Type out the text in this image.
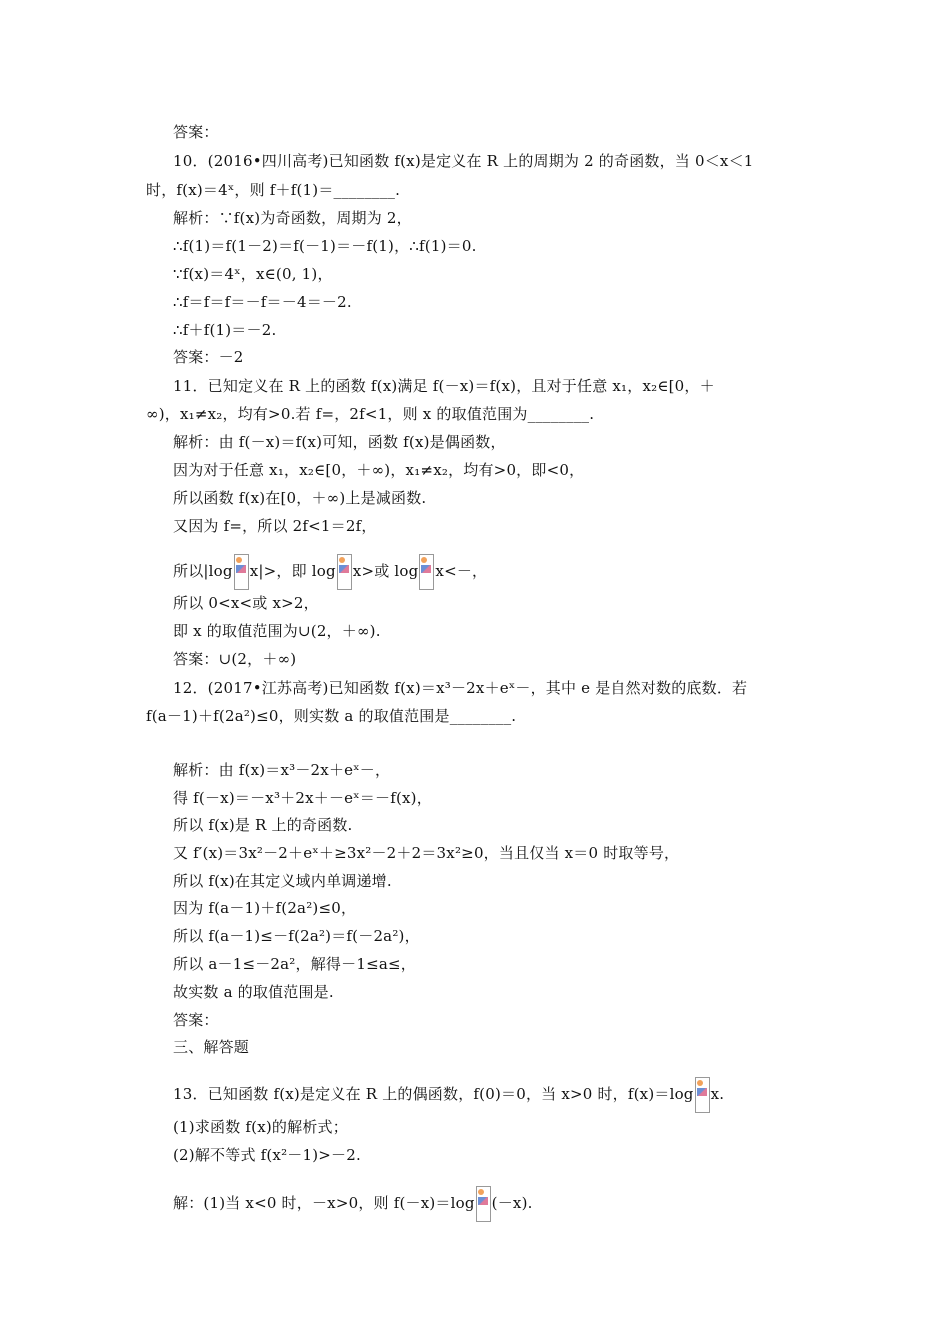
答案：
10．(2016•四川高考)已知函数 f(x)是定义在 R 上的周期为 2 的奇函数，当 0＜x＜1
时，f(x)＝4ˣ，则 f＋f(1)＝________.
解析：∵f(x)为奇函数，周期为 2，
∴f(1)＝f(1－2)＝f(－1)＝－f(1)，∴f(1)＝0.
∵f(x)＝4ˣ，x∈(0, 1)，
∴f＝f＝f＝－f＝－4＝－2.
∴f＋f(1)＝－2.
答案：－2
11．已知定义在 R 上的函数 f(x)满足 f(－x)＝f(x)，且对于任意 x₁，x₂∈[0，＋
∞)，x₁≠x₂，均有>0.若 f=，2f<1，则 x 的取值范围为________.
解析：由 f(－x)＝f(x)可知，函数 f(x)是偶函数，
因为对于任意 x₁，x₂∈[0，＋∞)，x₁≠x₂，均有>0，即<0，
所以函数 f(x)在[0，＋∞)上是减函数.
又因为 f=，所以 2f<1＝2f，
所以|log x|>，即 log x>或 log x<－，
所以 0<x<或 x>2，
即 x 的取值范围为∪(2，＋∞).
答案：∪(2，＋∞)
12．(2017•江苏高考)已知函数 f(x)＝x³－2x＋eˣ－，其中 e 是自然对数的底数．若
f(a－1)＋f(2a²)≤0，则实数 a 的取值范围是________.
解析：由 f(x)＝x³－2x＋eˣ－，
得 f(－x)＝－x³＋2x＋－eˣ＝－f(x)，
所以 f(x)是 R 上的奇函数.
又 f′(x)＝3x²－2＋eˣ＋≥3x²－2＋2＝3x²≥0，当且仅当 x＝0 时取等号，
所以 f(x)在其定义域内单调递增.
因为 f(a－1)＋f(2a²)≤0，
所以 f(a－1)≤－f(2a²)＝f(－2a²)，
所以 a－1≤－2a²，解得－1≤a≤，
故实数 a 的取值范围是.
答案：
三、解答题
13．已知函数 f(x)是定义在 R 上的偶函数，f(0)＝0，当 x>0 时，f(x)＝log x.
(1)求函数 f(x)的解析式；
(2)解不等式 f(x²－1)>－2.
解：(1)当 x<0 时，－x>0，则 f(－x)＝log (－x).
